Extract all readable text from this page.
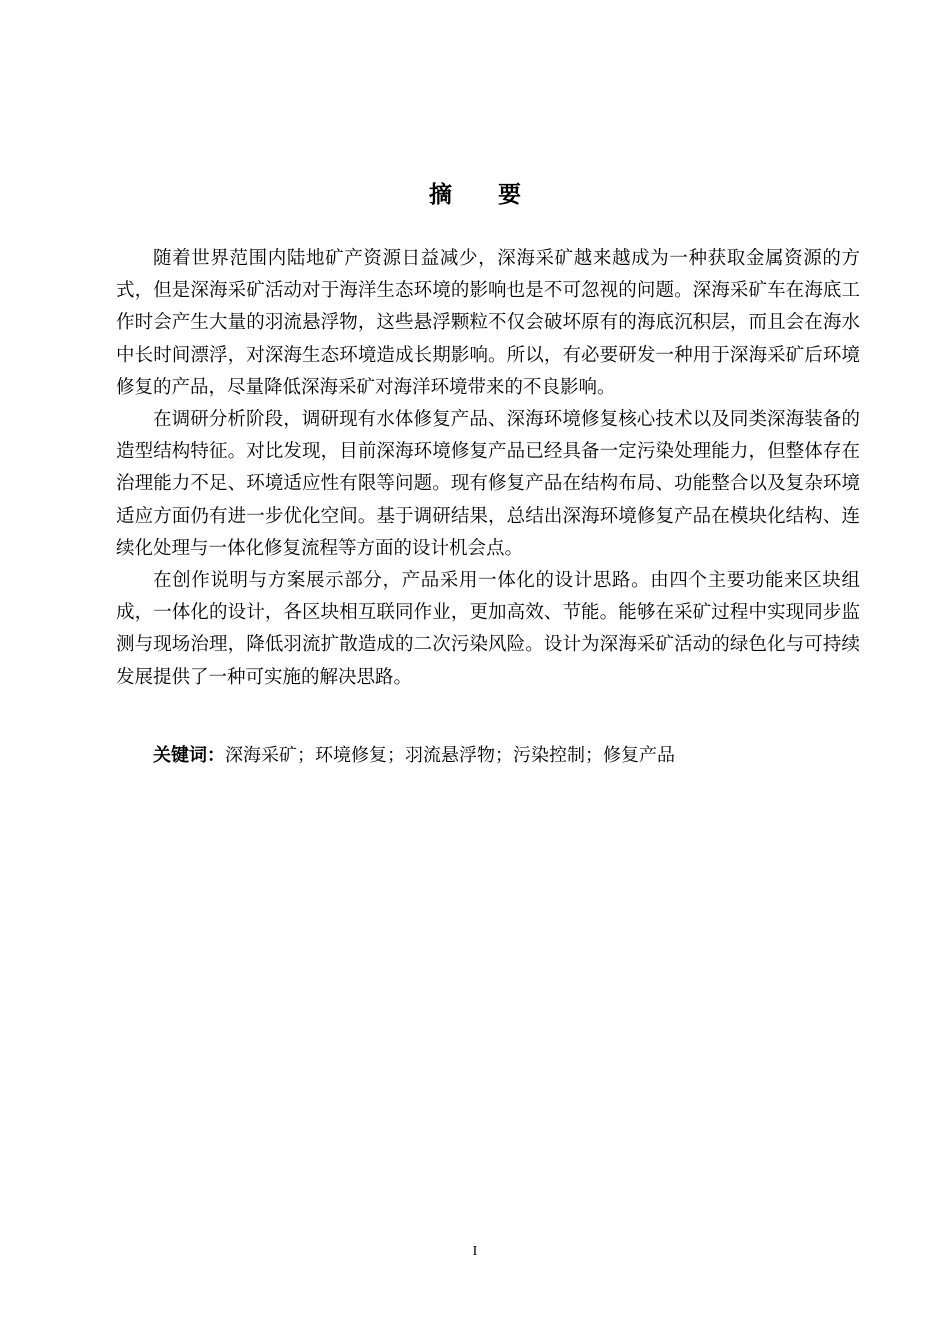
摘　　要

随着世界范围内陆地矿产资源日益减少，深海采矿越来越成为一种获取金属资源的方式，但是深海采矿活动对于海洋生态环境的影响也是不可忽视的问题。深海采矿车在海底工作时会产生大量的羽流悬浮物，这些悬浮颗粒不仅会破坏原有的海底沉积层，而且会在海水中长时间漂浮，对深海生态环境造成长期影响。所以，有必要研发一种用于深海采矿后环境修复的产品，尽量降低深海采矿对海洋环境带来的不良影响。

在调研分析阶段，调研现有水体修复产品、深海环境修复核心技术以及同类深海装备的造型结构特征。对比发现，目前深海环境修复产品已经具备一定污染处理能力，但整体存在治理能力不足、环境适应性有限等问题。现有修复产品在结构布局、功能整合以及复杂环境适应方面仍有进一步优化空间。基于调研结果，总结出深海环境修复产品在模块化结构、连续化处理与一体化修复流程等方面的设计机会点。

在创作说明与方案展示部分，产品采用一体化的设计思路。由四个主要功能来区块组成，一体化的设计，各区块相互联同作业，更加高效、节能。能够在采矿过程中实现同步监测与现场治理，降低羽流扩散造成的二次污染风险。设计为深海采矿活动的绿色化与可持续发展提供了一种可实施的解决思路。

关键词：深海采矿；环境修复；羽流悬浮物；污染控制；修复产品
I
